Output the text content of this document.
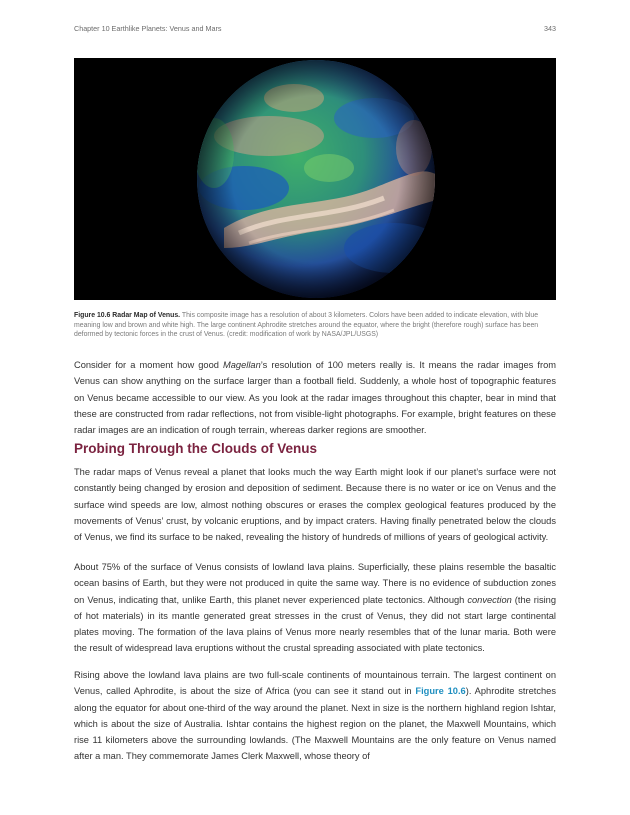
Chapter 10 Earthlike Planets: Venus and Mars	343
Figure 10.6 Radar Map of Venus. This composite image has a resolution of about 3 kilometers. Colors have been added to indicate elevation, with blue meaning low and brown and white high. The large continent Aphrodite stretches around the equator, where the bright (therefore rough) surface has been deformed by tectonic forces in the crust of Venus. (credit: modification of work by NASA/JPL/USGS)

Consider for a moment how good Magellan’s resolution of 100 meters really is. It means the radar images from Venus can show anything on the surface larger than a football field. Suddenly, a whole host of topographic features on Venus became accessible to our view. As you look at the radar images throughout this chapter, bear in mind that these are constructed from radar reflections, not from visible-light photographs. For example, bright features on these radar images are an indication of rough terrain, whereas darker regions are smoother.

Probing Through the Clouds of Venus

The radar maps of Venus reveal a planet that looks much the way Earth might look if our planet’s surface were not constantly being changed by erosion and deposition of sediment. Because there is no water or ice on Venus and the surface wind speeds are low, almost nothing obscures or erases the complex geological features produced by the movements of Venus’ crust, by volcanic eruptions, and by impact craters. Having finally penetrated below the clouds of Venus, we find its surface to be naked, revealing the history of hundreds of millions of years of geological activity.

About 75% of the surface of Venus consists of lowland lava plains. Superficially, these plains resemble the basaltic ocean basins of Earth, but they were not produced in quite the same way. There is no evidence of subduction zones on Venus, indicating that, unlike Earth, this planet never experienced plate tectonics. Although convection (the rising of hot materials) in its mantle generated great stresses in the crust of Venus, they did not start large continental plates moving. The formation of the lava plains of Venus more nearly resembles that of the lunar maria. Both were the result of widespread lava eruptions without the crustal spreading associated with plate tectonics.

Rising above the lowland lava plains are two full-scale continents of mountainous terrain. The largest continent on Venus, called Aphrodite, is about the size of Africa (you can see it stand out in Figure 10.6). Aphrodite stretches along the equator for about one-third of the way around the planet. Next in size is the northern highland region Ishtar, which is about the size of Australia. Ishtar contains the highest region on the planet, the Maxwell Mountains, which rise 11 kilometers above the surrounding lowlands. (The Maxwell Mountains are the only feature on Venus named after a man. They commemorate James Clerk Maxwell, whose theory of
